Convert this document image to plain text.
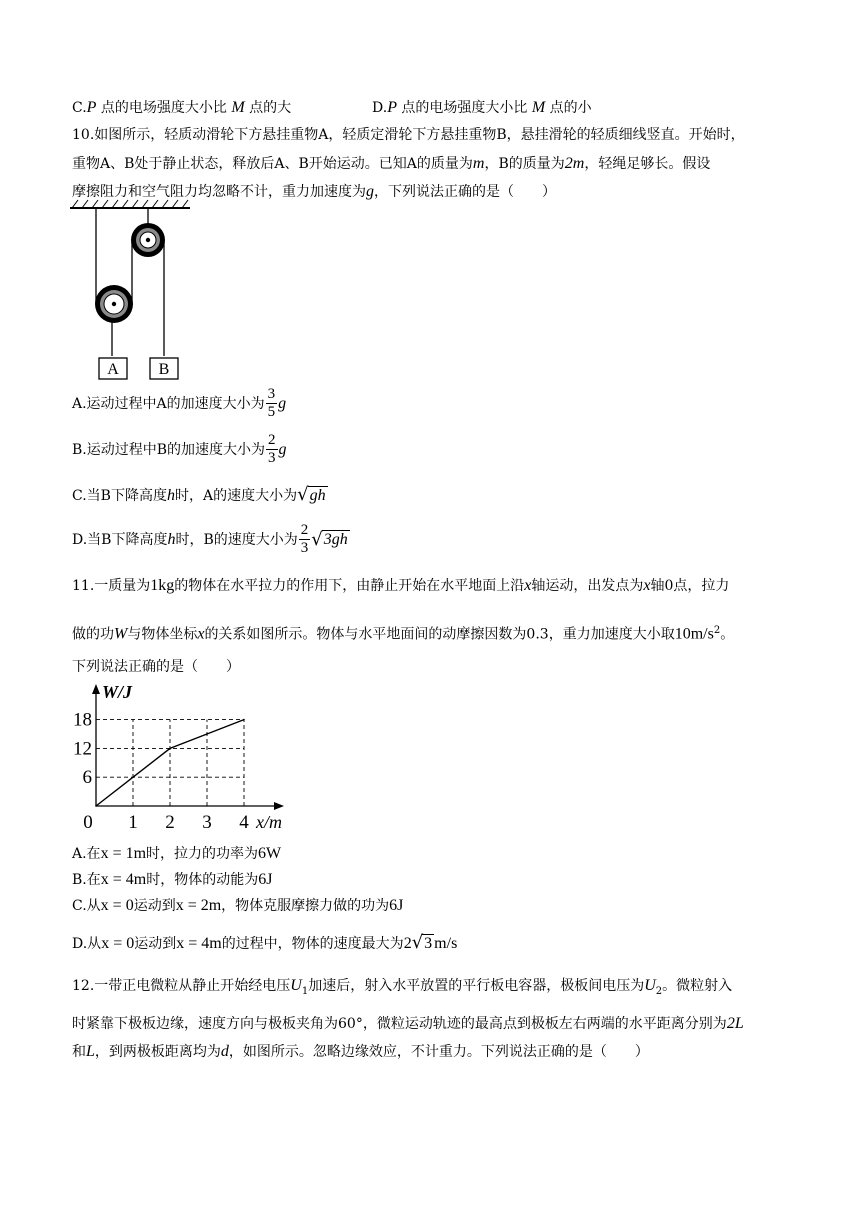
C.P 点的电场强度大小比 M 点的大	D.P 点的电场强度大小比 M 点的小
10.如图所示，轻质动滑轮下方悬挂重物A，轻质定滑轮下方悬挂重物B，悬挂滑轮的轻质细线竖直。开始时，
重物A、B处于静止状态，释放后A、B开始运动。已知A的质量为m，B的质量为2m，轻绳足够长。假设
摩擦阻力和空气阻力均忽略不计，重力加速度为g，下列说法正确的是（　　）
A B
A.运动过程中A的加速度大小为 $\frac{3}{5}$ g
B.运动过程中B的加速度大小为 $\frac{2}{3}$ g
C.当B下降高度h时，A的速度大小为√gh
D.当B下降高度h时，B的速度大小为 $\frac{2}{3} √3gh$
11.一质量为1kg的物体在水平拉力的作用下，由静止开始在水平地面上沿x轴运动，出发点为x轴0点，拉力
做的功W与物体坐标x的关系如图所示。物体与水平地面间的动摩擦因数为0.3，重力加速度大小取$10m/s^2$。
下列说法正确的是（　　）
6
12
18
0 1 2 3 4
W/J
x/m
A.在x = 1m时，拉力的功率为6W
B.在x = 4m时，物体的动能为6J
C.从x = 0运动到x = 2m，物体克服摩擦力做的功为6J
D.从x = 0运动到x = 4m的过程中，物体的速度最大为2√3 m/s
12.一带正电微粒从静止开始经电压$U_1$加速后，射入水平放置的平行板电容器，极板间电压为$U_2$。微粒射入
时紧靠下极板边缘，速度方向与极板夹角为60°，微粒运动轨迹的最高点到极板左右两端的水平距离分别为2L
和L，到两极板距离均为d，如图所示。忽略边缘效应，不计重力。下列说法正确的是（　　）
